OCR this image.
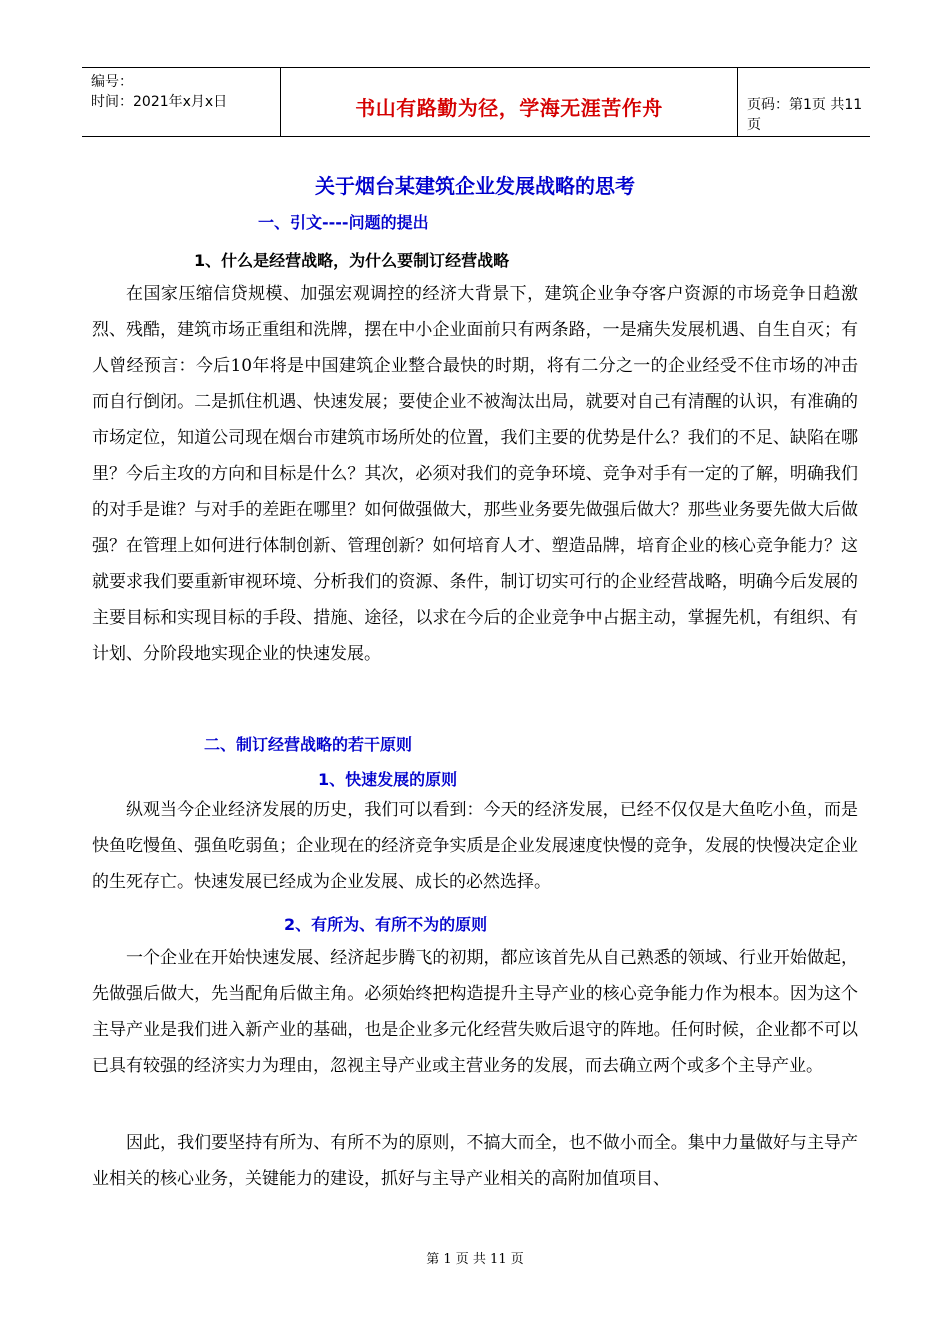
编号：
时间：2021年x月x日	书山有路勤为径，学海无涯苦作舟	页码：第1页 共11页
关于烟台某建筑企业发展战略的思考
一、引文----问题的提出
1、什么是经营战略，为什么要制订经营战略

在国家压缩信贷规模、加强宏观调控的经济大背景下，建筑企业争夺客户资源的市场竞争日趋激烈、残酷，建筑市场正重组和洗牌，摆在中小企业面前只有两条路，一是痛失发展机遇、自生自灭；有人曾经预言：今后10年将是中国建筑企业整合最快的时期，将有二分之一的企业经受不住市场的冲击而自行倒闭。二是抓住机遇、快速发展；要使企业不被淘汰出局，就要对自己有清醒的认识，有准确的市场定位，知道公司现在烟台市建筑市场所处的位置，我们主要的优势是什么？我们的不足、缺陷在哪里？今后主攻的方向和目标是什么？其次，必须对我们的竞争环境、竞争对手有一定的了解，明确我们的对手是谁？与对手的差距在哪里？如何做强做大，那些业务要先做强后做大？那些业务要先做大后做强？在管理上如何进行体制创新、管理创新？如何培育人才、塑造品牌，培育企业的核心竞争能力？这就要求我们要重新审视环境、分析我们的资源、条件，制订切实可行的企业经营战略，明确今后发展的主要目标和实现目标的手段、措施、途径，以求在今后的企业竞争中占据主动，掌握先机，有组织、有计划、分阶段地实现企业的快速发展。

二、制订经营战略的若干原则
1、快速发展的原则

纵观当今企业经济发展的历史，我们可以看到：今天的经济发展，已经不仅仅是大鱼吃小鱼，而是快鱼吃慢鱼、强鱼吃弱鱼；企业现在的经济竞争实质是企业发展速度快慢的竞争，发展的快慢决定企业的生死存亡。快速发展已经成为企业发展、成长的必然选择。

2、有所为、有所不为的原则

一个企业在开始快速发展、经济起步腾飞的初期，都应该首先从自己熟悉的领域、行业开始做起，先做强后做大，先当配角后做主角。必须始终把构造提升主导产业的核心竞争能力作为根本。因为这个主导产业是我们进入新产业的基础，也是企业多元化经营失败后退守的阵地。任何时候，企业都不可以已具有较强的经济实力为理由，忽视主导产业或主营业务的发展，而去确立两个或多个主导产业。

因此，我们要坚持有所为、有所不为的原则，不搞大而全，也不做小而全。集中力量做好与主导产业相关的核心业务，关键能力的建设，抓好与主导产业相关的高附加值项目、

第 1 页 共 11 页
